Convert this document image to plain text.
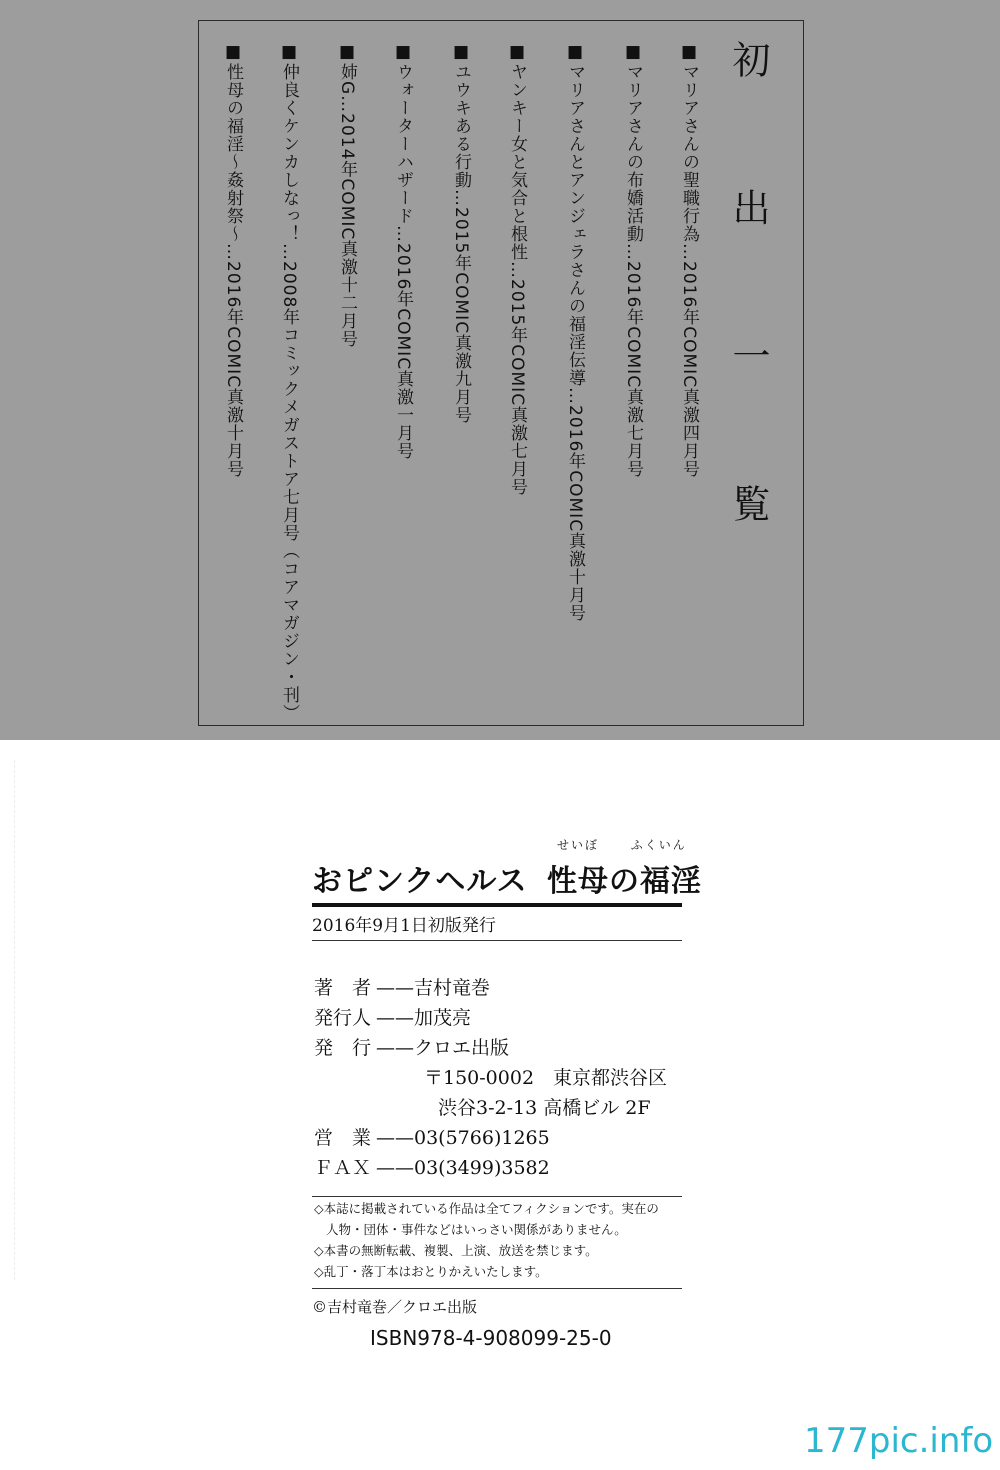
初　出　一　覧
■マリアさんの聖職行為…2016年COMIC真激四月号
■マリアさんの布嬌活動…2016年COMIC真激七月号
■マリアさんとアンジェラさんの福淫伝導…2016年COMIC真激十月号
■ヤンキー女と気合と根性…2015年COMIC真激七月号
■ユウキある行動…2015年COMIC真激九月号
■ウォーターハザード…2016年COMIC真激一月号
■姉G…2014年COMIC真激十二月号
■仲良くケンカしなっ！…2008年コミックメガストア七月号（コアマガジン・刊）
■性母の福淫〜姦射祭〜…2016年COMIC真激十月号
おピンクヘルス
せいぼ	ふくいん
性母の福淫
2016年9月1日初版発行
著　者 ——吉村竜巻
発行人 ——加茂亮
発　行 ——クロエ出版
〒150-0002　東京都渋谷区
渋谷3-2-13 高橋ビル 2F
営　業 ——03(5766)1265
ＦＡＸ ——03(3499)3582
◇本誌に掲載されている作品は全てフィクションです。実在の
人物・団体・事件などはいっさい関係がありません。
◇本書の無断転載、複製、上演、放送を禁じます。
◇乱丁・落丁本はおとりかえいたします。
©吉村竜巻／クロエ出版
ISBN978-4-908099-25-0
177pic.info
